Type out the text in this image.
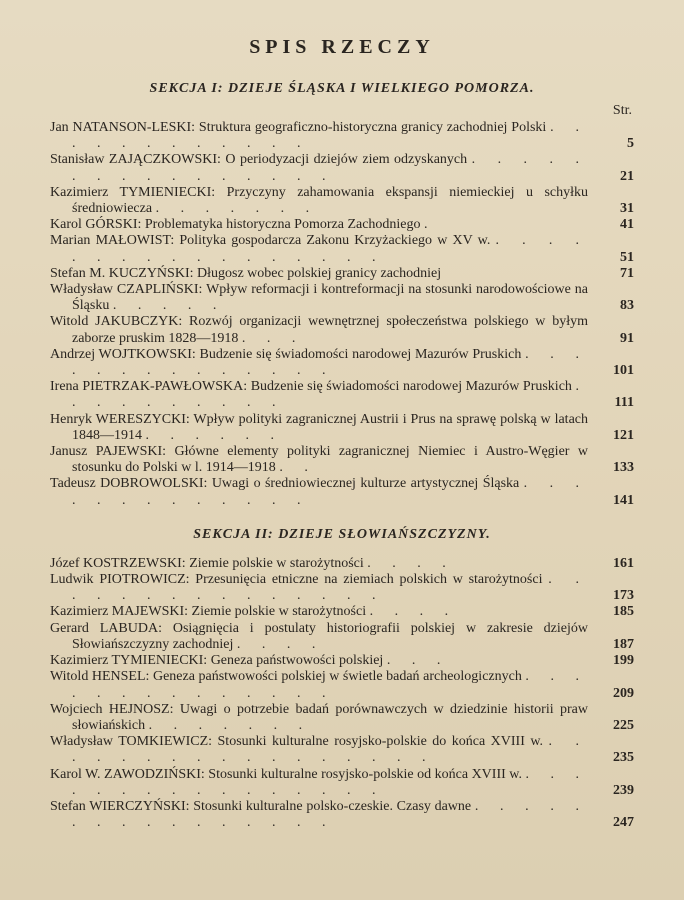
SPIS RZECZY
SEKCJA I: DZIEJE ŚLĄSKA I WIELKIEGO POMORZA.
Str.
Jan NATANSON-LESKI: Struktura geograficzno-historyczna granicy zachodniej Polski . . . . . . . . . . . .	5
Stanisław ZAJĄCZKOWSKI: O periodyzacji dziejów ziem odzyskanych . . . . . . . . . . . . . . . .	21
Kazimierz TYMIENIECKI: Przyczyny zahamowania ekspansji niemieckiej u schyłku średniowiecza . . . . . . .	31
Karol GÓRSKI: Problematyka historyczna Pomorza Zachodniego .	41
Marian MAŁOWIST: Polityka gospodarcza Zakonu Krzyżackiego w XV w. . . . . . . . . . . . . . . . . .	51
Stefan M. KUCZYŃSKI: Długosz wobec polskiej granicy zachodniej	71
Władysław CZAPLIŃSKI: Wpływ reformacji i kontreformacji na stosunki narodowościowe na Śląsku . . . . .	83
Witold JAKUBCZYK: Rozwój organizacji wewnętrznej społeczeństwa polskiego w byłym zaborze pruskim 1828—1918 . . .	91
Andrzej WOJTKOWSKI: Budzenie się świadomości narodowej Mazurów Pruskich . . . . . . . . . . . . . .	101
Irena PIETRZAK-PAWŁOWSKA: Budzenie się świadomości narodowej Mazurów Pruskich . . . . . . . . . .	111
Henryk WERESZYCKI: Wpływ polityki zagranicznej Austrii i Prus na sprawę polską w latach 1848—1914 . . . . . .	121
Janusz PAJEWSKI: Główne elementy polityki zagranicznej Niemiec i Austro-Węgier w stosunku do Polski w l. 1914—1918 . .	133
Tadeusz DOBROWOLSKI: Uwagi o średniowiecznej kulturze artystycznej Śląska . . . . . . . . . . . . .	141
SEKCJA II: DZIEJE SŁOWIAŃSZCZYZNY.
Józef KOSTRZEWSKI: Ziemie polskie w starożytności . . . .	161
Ludwik PIOTROWICZ: Przesunięcia etniczne na ziemiach polskich w starożytności . . . . . . . . . . . . . . .	173
Kazimierz MAJEWSKI: Ziemie polskie w starożytności . . . .	185
Gerard LABUDA: Osiągnięcia i postulaty historiografii polskiej w zakresie dziejów Słowiańszczyzny zachodniej . . . .	187
Kazimierz TYMIENIECKI: Geneza państwowości polskiej . . .	199
Witold HENSEL: Geneza państwowości polskiej w świetle badań archeologicznych . . . . . . . . . . . . . .	209
Wojciech HEJNOSZ: Uwagi o potrzebie badań porównawczych w dziedzinie historii praw słowiańskich . . . . . . .	225
Władysław TOMKIEWICZ: Stosunki kulturalne rosyjsko-polskie do końca XVIII w. . . . . . . . . . . . . . . . . .	235
Karol W. ZAWODZIŃSKI: Stosunki kulturalne rosyjsko-polskie od końca XVIII w. . . . . . . . . . . . . . . . .	239
Stefan WIERCZYŃSKI: Stosunki kulturalne polsko-czeskie. Czasy dawne . . . . . . . . . . . . . . . .	247
